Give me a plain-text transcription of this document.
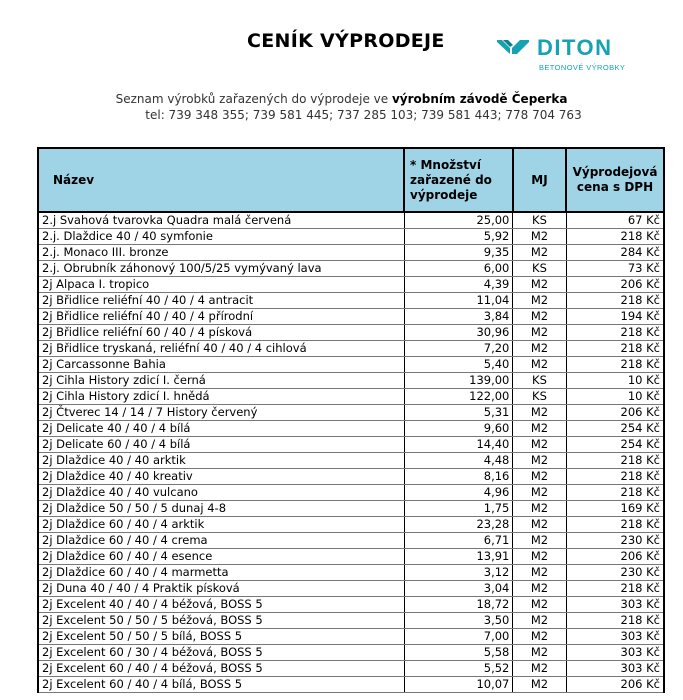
CENÍK VÝPRODEJE	DITON
BETONOVÉ VÝROBKY
Seznam výrobků zařazených do výprodeje ve výrobním závodě Čeperka
tel: 739 348 355; 739 581 445; 737 285 103; 739 581 443; 778 704 763
Název	* Množství zařazené do výprodeje	MJ	Výprodejová cena s DPH
2.j Svahová tvarovka Quadra malá červená	25,00	KS	67 Kč
2.j. Dlaždice 40 / 40 symfonie	5,92	M2	218 Kč
2.j. Monaco III. bronze	9,35	M2	284 Kč
2.j. Obrubník záhonový 100/5/25 vymývaný lava	6,00	KS	73 Kč
2j Alpaca I. tropico	4,39	M2	206 Kč
2j Břidlice reliéfní 40 / 40 / 4 antracit	11,04	M2	218 Kč
2j Břidlice reliéfní 40 / 40 / 4 přírodní	3,84	M2	194 Kč
2j Břidlice reliéfní 60 / 40 / 4 písková	30,96	M2	218 Kč
2j Břidlice tryskaná, reliéfní 40 / 40 / 4 cihlová	7,20	M2	218 Kč
2j Carcassonne Bahia	5,40	M2	218 Kč
2j Cihla History zdicí I. černá	139,00	KS	10 Kč
2j Cihla History zdicí I. hnědá	122,00	KS	10 Kč
2j Čtverec 14 / 14 / 7 History červený	5,31	M2	206 Kč
2j Delicate 40 / 40 / 4 bílá	9,60	M2	254 Kč
2j Delicate 60 / 40 / 4 bílá	14,40	M2	254 Kč
2j Dlaždice 40 / 40 arktik	4,48	M2	218 Kč
2j Dlaždice 40 / 40 kreativ	8,16	M2	218 Kč
2j Dlaždice 40 / 40 vulcano	4,96	M2	218 Kč
2j Dlaždice 50 / 50 / 5 dunaj 4-8	1,75	M2	169 Kč
2j Dlaždice 60 / 40 / 4 arktik	23,28	M2	218 Kč
2j Dlaždice 60 / 40 / 4 crema	6,71	M2	230 Kč
2j Dlaždice 60 / 40 / 4 esence	13,91	M2	206 Kč
2j Dlaždice 60 / 40 / 4 marmetta	3,12	M2	230 Kč
2j Duna 40 / 40 / 4 Praktik písková	3,04	M2	218 Kč
2j Excelent 40 / 40 / 4 béžová, BOSS 5	18,72	M2	303 Kč
2j Excelent 50 / 50 / 5 béžová, BOSS 5	3,50	M2	218 Kč
2j Excelent 50 / 50 / 5 bílá, BOSS 5	7,00	M2	303 Kč
2j Excelent 60 / 30 / 4 béžová, BOSS 5	5,58	M2	303 Kč
2j Excelent 60 / 40 / 4 béžová, BOSS 5	5,52	M2	303 Kč
2j Excelent 60 / 40 / 4 bílá, BOSS 5	10,07	M2	206 Kč
